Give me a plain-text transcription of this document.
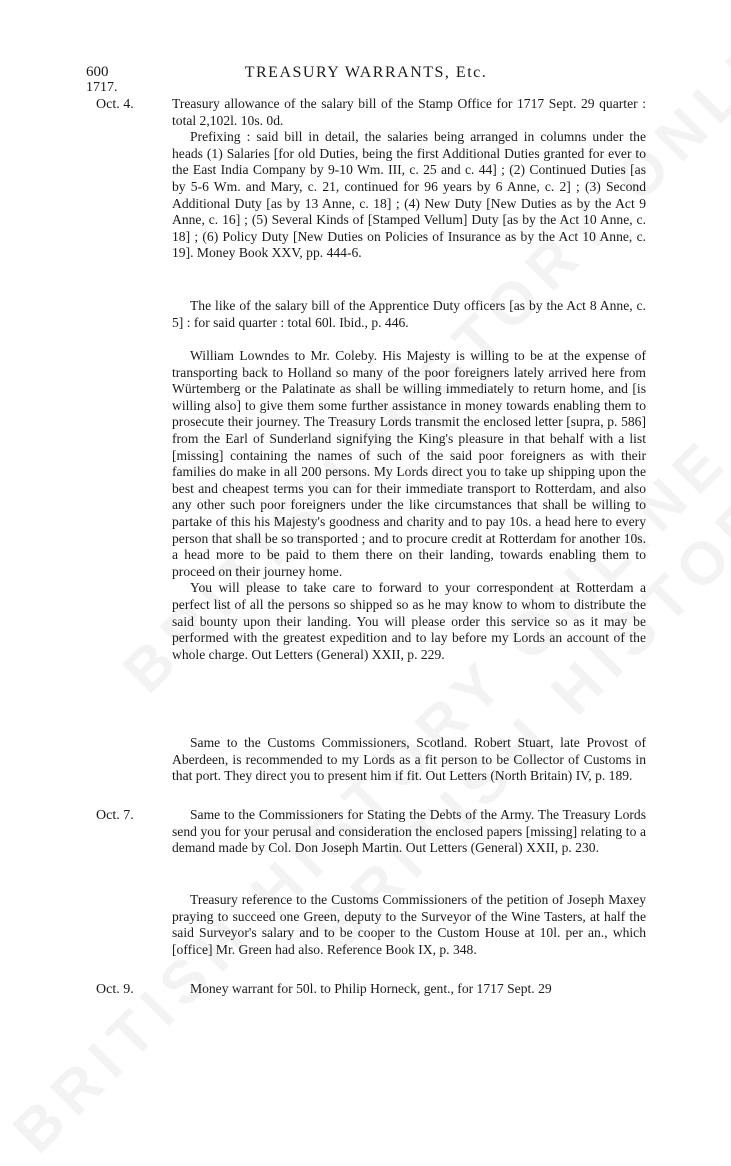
600	TREASURY WARRANTS, Etc.
1717.
Oct. 4.	Treasury allowance of the salary bill of the Stamp Office for 1717 Sept. 29 quarter : total 2,102l. 10s. 0d.

Prefixing : said bill in detail, the salaries being arranged in columns under the heads (1) Salaries [for old Duties, being the first Additional Duties granted for ever to the East India Company by 9-10 Wm. III, c. 25 and c. 44] ; (2) Continued Duties [as by 5-6 Wm. and Mary, c. 21, continued for 96 years by 6 Anne, c. 2] ; (3) Second Additional Duty [as by 13 Anne, c. 18] ; (4) New Duty [New Duties as by the Act 9 Anne, c. 16] ; (5) Several Kinds of [Stamped Vellum] Duty [as by the Act 10 Anne, c. 18] ; (6) Policy Duty [New Duties on Policies of Insurance as by the Act 10 Anne, c. 19]. Money Book XXV, pp. 444-6.

The like of the salary bill of the Apprentice Duty officers [as by the Act 8 Anne, c. 5] : for said quarter : total 60l. Ibid., p. 446.

William Lowndes to Mr. Coleby. His Majesty is willing to be at the expense of transporting back to Holland so many of the poor foreigners lately arrived here from Würtemberg or the Palatinate as shall be willing immediately to return home, and [is willing also] to give them some further assistance in money towards enabling them to prosecute their journey. The Treasury Lords transmit the enclosed letter [supra, p. 586] from the Earl of Sunderland signifying the King's pleasure in that behalf with a list [missing] containing the names of such of the said poor foreigners as with their families do make in all 200 persons. My Lords direct you to take up shipping upon the best and cheapest terms you can for their immediate transport to Rotterdam, and also any other such poor foreigners under the like circumstances that shall be willing to partake of this his Majesty's goodness and charity and to pay 10s. a head here to every person that shall be so transported ; and to procure credit at Rotterdam for another 10s. a head more to be paid to them there on their landing, towards enabling them to proceed on their journey home.

You will please to take care to forward to your correspondent at Rotterdam a perfect list of all the persons so shipped so as he may know to whom to distribute the said bounty upon their landing. You will please order this service so as it may be performed with the greatest expedition and to lay before my Lords an account of the whole charge. Out Letters (General) XXII, p. 229.

Same to the Customs Commissioners, Scotland. Robert Stuart, late Provost of Aberdeen, is recommended to my Lords as a fit person to be Collector of Customs in that port. They direct you to present him if fit. Out Letters (North Britain) IV, p. 189.

Oct. 7.	Same to the Commissioners for Stating the Debts of the Army. The Treasury Lords send you for your perusal and consideration the enclosed papers [missing] relating to a demand made by Col. Don Joseph Martin. Out Letters (General) XXII, p. 230.

Treasury reference to the Customs Commissioners of the petition of Joseph Maxey praying to succeed one Green, deputy to the Surveyor of the Wine Tasters, at half the said Surveyor's salary and to be cooper to the Custom House at 10l. per an., which [office] Mr. Green had also. Reference Book IX, p. 348.

Oct. 9.	Money warrant for 50l. to Philip Horneck, gent., for 1717 Sept. 29
